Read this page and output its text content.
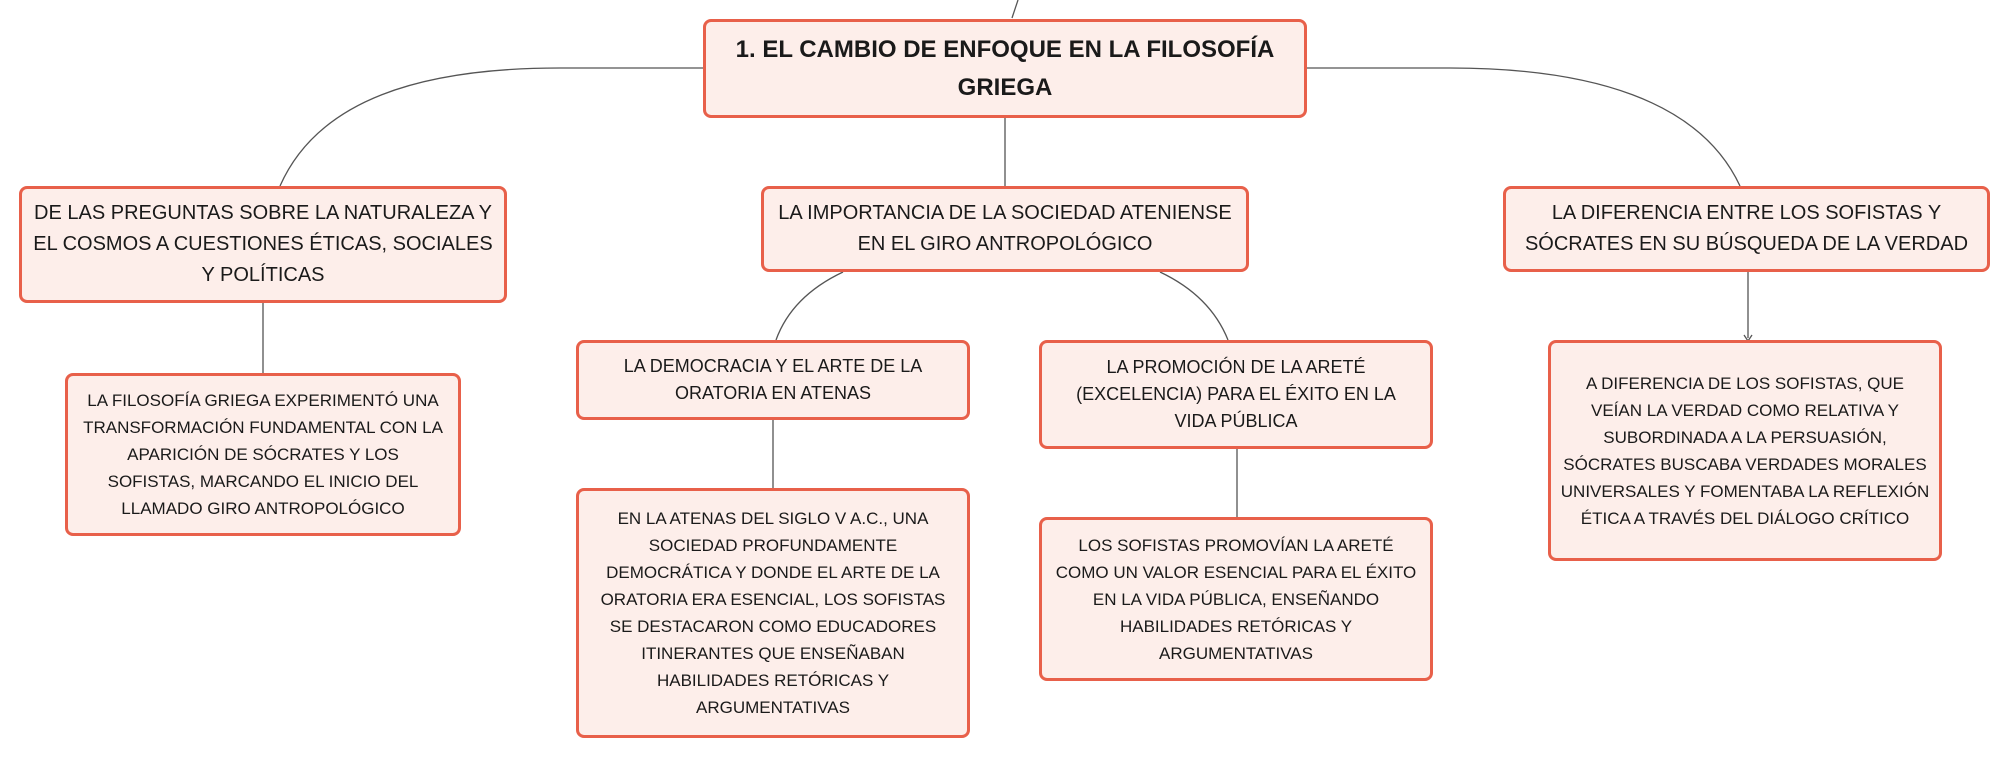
1. EL CAMBIO DE ENFOQUE EN LA FILOSOFÍA GRIEGA
DE LAS PREGUNTAS SOBRE LA NATURALEZA Y EL COSMOS A CUESTIONES ÉTICAS, SOCIALES Y POLÍTICAS
LA IMPORTANCIA DE LA SOCIEDAD ATENIENSE EN EL GIRO ANTROPOLÓGICO
LA DIFERENCIA ENTRE LOS SOFISTAS Y SÓCRATES EN SU BÚSQUEDA DE LA VERDAD
LA FILOSOFÍA GRIEGA EXPERIMENTÓ UNA TRANSFORMACIÓN FUNDAMENTAL CON LA APARICIÓN DE SÓCRATES Y LOS SOFISTAS, MARCANDO EL INICIO DEL LLAMADO GIRO ANTROPOLÓGICO
LA DEMOCRACIA Y EL ARTE DE LA ORATORIA EN ATENAS
LA PROMOCIÓN DE LA ARETÉ (EXCELENCIA) PARA EL ÉXITO EN LA VIDA PÚBLICA
EN LA ATENAS DEL SIGLO V A.C., UNA SOCIEDAD PROFUNDAMENTE DEMOCRÁTICA Y DONDE EL ARTE DE LA ORATORIA ERA ESENCIAL, LOS SOFISTAS SE DESTACARON COMO EDUCADORES ITINERANTES QUE ENSEÑABAN HABILIDADES RETÓRICAS Y ARGUMENTATIVAS
LOS SOFISTAS PROMOVÍAN LA ARETÉ COMO UN VALOR ESENCIAL PARA EL ÉXITO EN LA VIDA PÚBLICA, ENSEÑANDO HABILIDADES RETÓRICAS Y ARGUMENTATIVAS
A DIFERENCIA DE LOS SOFISTAS, QUE VEÍAN LA VERDAD COMO RELATIVA Y SUBORDINADA A LA PERSUASIÓN, SÓCRATES BUSCABA VERDADES MORALES UNIVERSALES Y FOMENTABA LA REFLEXIÓN ÉTICA A TRAVÉS DEL DIÁLOGO CRÍTICO
